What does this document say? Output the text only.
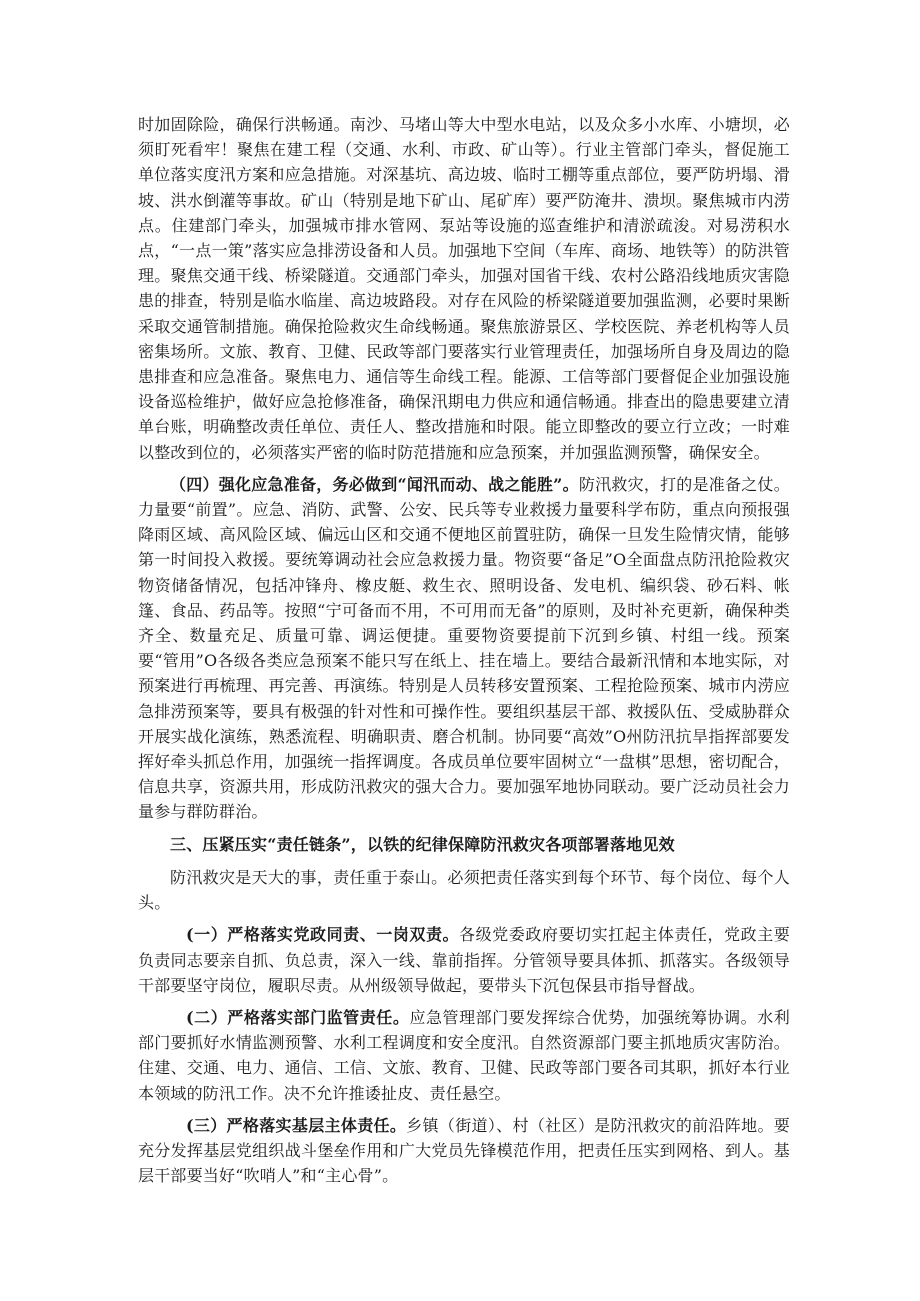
时加固除险，确保行洪畅通。南沙、马堵山等大中型水电站，以及众多小水库、小塘坝，必须盯死看牢！聚焦在建工程（交通、水利、市政、矿山等）。行业主管部门牵头，督促施工单位落实度汛方案和应急措施。对深基坑、高边坡、临时工棚等重点部位，要严防坍塌、滑坡、洪水倒灌等事故。矿山（特别是地下矿山、尾矿库）要严防淹井、溃坝。聚焦城市内涝点。住建部门牵头，加强城市排水管网、泵站等设施的巡查维护和清淤疏浚。对易涝积水点，“一点一策”落实应急排涝设备和人员。加强地下空间（车库、商场、地铁等）的防洪管理。聚焦交通干线、桥梁隧道。交通部门牵头，加强对国省干线、农村公路沿线地质灾害隐患的排查，特别是临水临崖、高边坡路段。对存在风险的桥梁隧道要加强监测，必要时果断采取交通管制措施。确保抢险救灾生命线畅通。聚焦旅游景区、学校医院、养老机构等人员密集场所。文旅、教育、卫健、民政等部门要落实行业管理责任，加强场所自身及周边的隐患排查和应急准备。聚焦电力、通信等生命线工程。能源、工信等部门要督促企业加强设施设备巡检维护，做好应急抢修准备，确保汛期电力供应和通信畅通。排查出的隐患要建立清单台账，明确整改责任单位、责任人、整改措施和时限。能立即整改的要立行立改；一时难以整改到位的，必须落实严密的临时防范措施和应急预案，并加强监测预警，确保安全。

（四）强化应急准备，务必做到“闻汛而动、战之能胜”。防汛救灾，打的是准备之仗。力量要“前置”。应急、消防、武警、公安、民兵等专业救援力量要科学布防，重点向预报强降雨区域、高风险区域、偏远山区和交通不便地区前置驻防，确保一旦发生险情灾情，能够第一时间投入救援。要统筹调动社会应急救援力量。物资要“备足”O全面盘点防汛抢险救灾物资储备情况，包括冲锋舟、橡皮艇、救生衣、照明设备、发电机、编织袋、砂石料、帐篷、食品、药品等。按照“宁可备而不用，不可用而无备”的原则，及时补充更新，确保种类齐全、数量充足、质量可靠、调运便捷。重要物资要提前下沉到乡镇、村组一线。预案要“管用”O各级各类应急预案不能只写在纸上、挂在墙上。要结合最新汛情和本地实际，对预案进行再梳理、再完善、再演练。特别是人员转移安置预案、工程抢险预案、城市内涝应急排涝预案等，要具有极强的针对性和可操作性。要组织基层干部、救援队伍、受威胁群众开展实战化演练，熟悉流程、明确职责、磨合机制。协同要“高效”O州防汛抗旱指挥部要发挥好牵头抓总作用，加强统一指挥调度。各成员单位要牢固树立“一盘棋”思想，密切配合，信息共享，资源共用，形成防汛救灾的强大合力。要加强军地协同联动。要广泛动员社会力量参与群防群治。

三、压紧压实“责任链条”，以铁的纪律保障防汛救灾各项部署落地见效

防汛救灾是天大的事，责任重于泰山。必须把责任落实到每个环节、每个岗位、每个人头。

(一）严格落实党政同责、一岗双责。各级党委政府要切实扛起主体责任，党政主要负责同志要亲自抓、负总责，深入一线、靠前指挥。分管领导要具体抓、抓落实。各级领导干部要坚守岗位，履职尽责。从州级领导做起，要带头下沉包保县市指导督战。

(二）严格落实部门监管责任。应急管理部门要发挥综合优势，加强统筹协调。水利部门要抓好水情监测预警、水利工程调度和安全度汛。自然资源部门要主抓地质灾害防治。住建、交通、电力、通信、工信、文旅、教育、卫健、民政等部门要各司其职，抓好本行业本领域的防汛工作。决不允许推诿扯皮、责任悬空。

(三）严格落实基层主体责任。乡镇（街道）、村（社区）是防汛救灾的前沿阵地。要充分发挥基层党组织战斗堡垒作用和广大党员先锋模范作用，把责任压实到网格、到人。基层干部要当好“吹哨人”和“主心骨”。
